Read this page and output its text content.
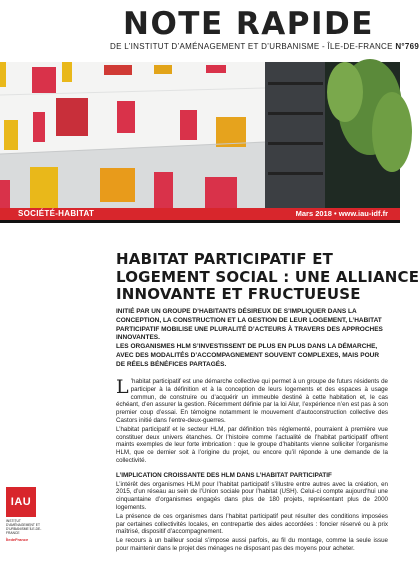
NOTE RAPIDE
DE L’INSTITUT D’AMÉNAGEMENT ET D’URBANISME - ÎLE-DE-FRANCE N°769
SOCIÉTÉ-HABITAT	Mars 2018 • www.iau-idf.fr
HABITAT PARTICIPATIF ET
LOGEMENT SOCIAL : UNE ALLIANCE
INNOVANTE ET FRUCTUEUSE

INITIÉ PAR UN GROUPE D’HABITANTS DÉSIREUX DE S’IMPLIQUER DANS LA CONCEPTION, LA CONSTRUCTION ET LA GESTION DE LEUR LOGEMENT, L’HABITAT PARTICIPATIF MOBILISE UNE PLURALITÉ D’ACTEURS À TRAVERS DES APPROCHES INNOVANTES.

LES ORGANISMES HLM S’INVESTISSENT DE PLUS EN PLUS DANS LA DÉMARCHE, AVEC DES MODALITÉS D’ACCOMPAGNEMENT SOUVENT COMPLEXES, MAIS POUR DE RÉELS BÉNÉFICES PARTAGÉS.

L ’habitat participatif est une démarche collective qui permet à un groupe de futurs résidents de participer à la définition et à la conception de leurs logements et des espaces à usage commun, de construire ou d’acquérir un immeuble destiné à cette habitation et, le cas échéant, d’en assurer la gestion. Récemment définie par la loi Alur, l’expérience n’en est pas à son premier coup d’essai. En témoigne notamment le mouvement d’autoconstruction collective des Castors initié dans l’entre-deux-guerres.

L’habitat participatif et le secteur HLM, par définition très réglementé, pourraient à première vue constituer deux univers étanches. Or l’histoire comme l’actualité de l’habitat participatif offrent maints exemples de leur forte imbrication : que le groupe d’habitants vienne solliciter l’organisme HLM, que ce dernier soit à l’origine du projet, ou encore qu’il réponde à une demande de la collectivité.

L’IMPLICATION CROISSANTE DES HLM DANS L’HABITAT PARTICIPATIF

L’intérêt des organismes HLM pour l’habitat participatif s’illustre entre autres avec la création, en 2015, d’un réseau au sein de l’Union sociale pour l’habitat (USH). Celui-ci compte aujourd’hui une cinquantaine d’organismes engagés dans plus de 180 projets, représentant plus de 2000 logements.

La présence de ces organismes dans l’habitat participatif peut résulter des conditions imposées par certaines collectivités locales, en contrepartie des aides accordées : foncier réservé ou à prix maîtrisé, dispositif d’accompagnement.

Le recours à un bailleur social s’impose aussi parfois, au fil du montage, comme la seule issue pour maintenir dans le projet des ménages ne disposant pas des moyens pour acheter.

IAU
INSTITUT D’AMÉNAGEMENT ET D’URBANISME ÎLE-DE-FRANCE
ÎledeFrance
